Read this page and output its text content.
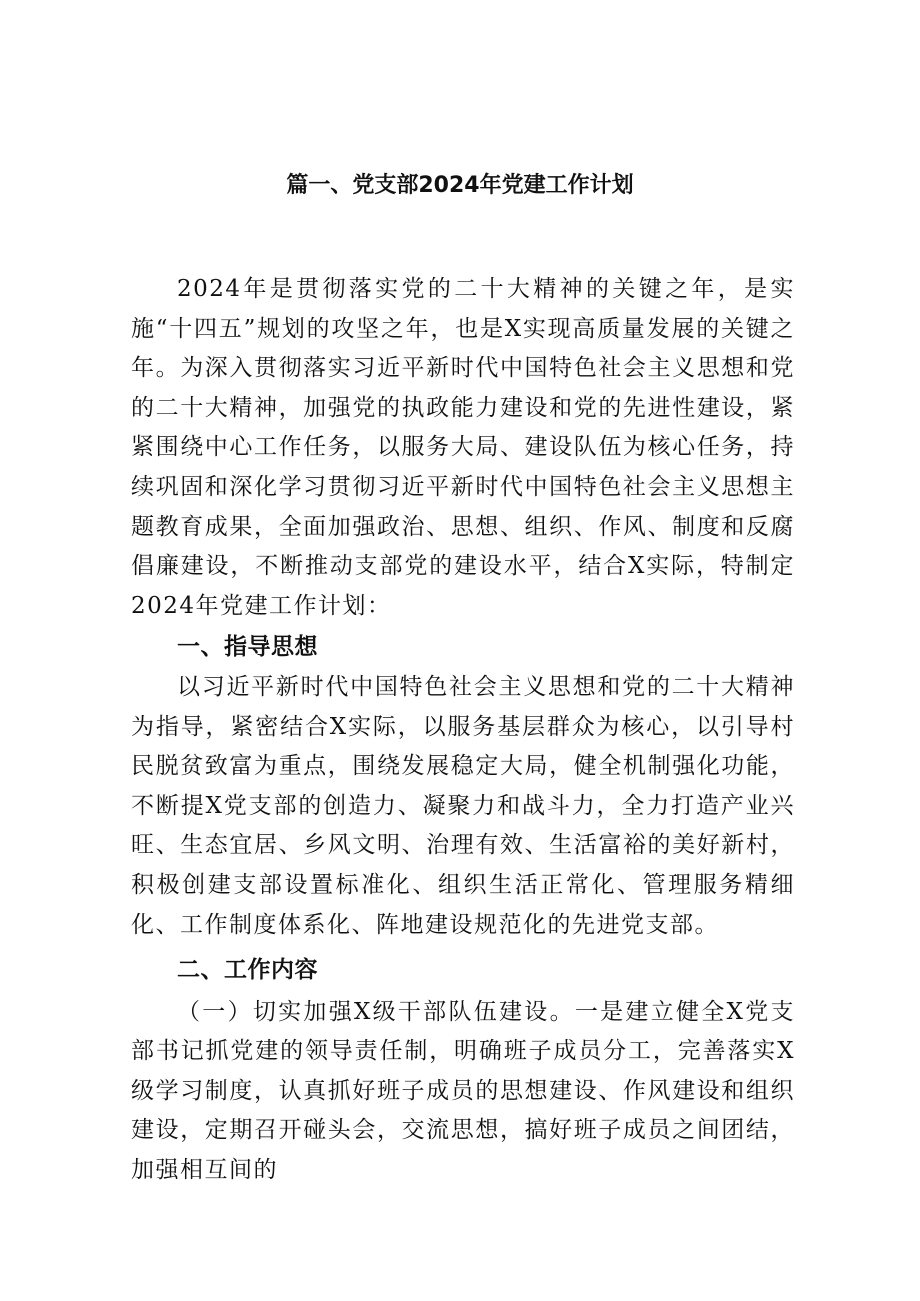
篇一、党支部2024年党建工作计划

2024年是贯彻落实党的二十大精神的关键之年，是实施“十四五”规划的攻坚之年，也是X实现高质量发展的关键之年。为深入贯彻落实习近平新时代中国特色社会主义思想和党的二十大精神，加强党的执政能力建设和党的先进性建设，紧紧围绕中心工作任务，以服务大局、建设队伍为核心任务，持续巩固和深化学习贯彻习近平新时代中国特色社会主义思想主题教育成果，全面加强政治、思想、组织、作风、制度和反腐倡廉建设，不断推动支部党的建设水平，结合X实际，特制定2024年党建工作计划：

一、指导思想

以习近平新时代中国特色社会主义思想和党的二十大精神为指导，紧密结合X实际，以服务基层群众为核心，以引导村民脱贫致富为重点，围绕发展稳定大局，健全机制强化功能，不断提X党支部的创造力、凝聚力和战斗力，全力打造产业兴旺、生态宜居、乡风文明、治理有效、生活富裕的美好新村，积极创建支部设置标准化、组织生活正常化、管理服务精细化、工作制度体系化、阵地建设规范化的先进党支部。

二、工作内容

（一）切实加强X级干部队伍建设。一是建立健全X党支部书记抓党建的领导责任制，明确班子成员分工，完善落实X级学习制度，认真抓好班子成员的思想建设、作风建设和组织建设，定期召开碰头会，交流思想，搞好班子成员之间团结，加强相互间的
